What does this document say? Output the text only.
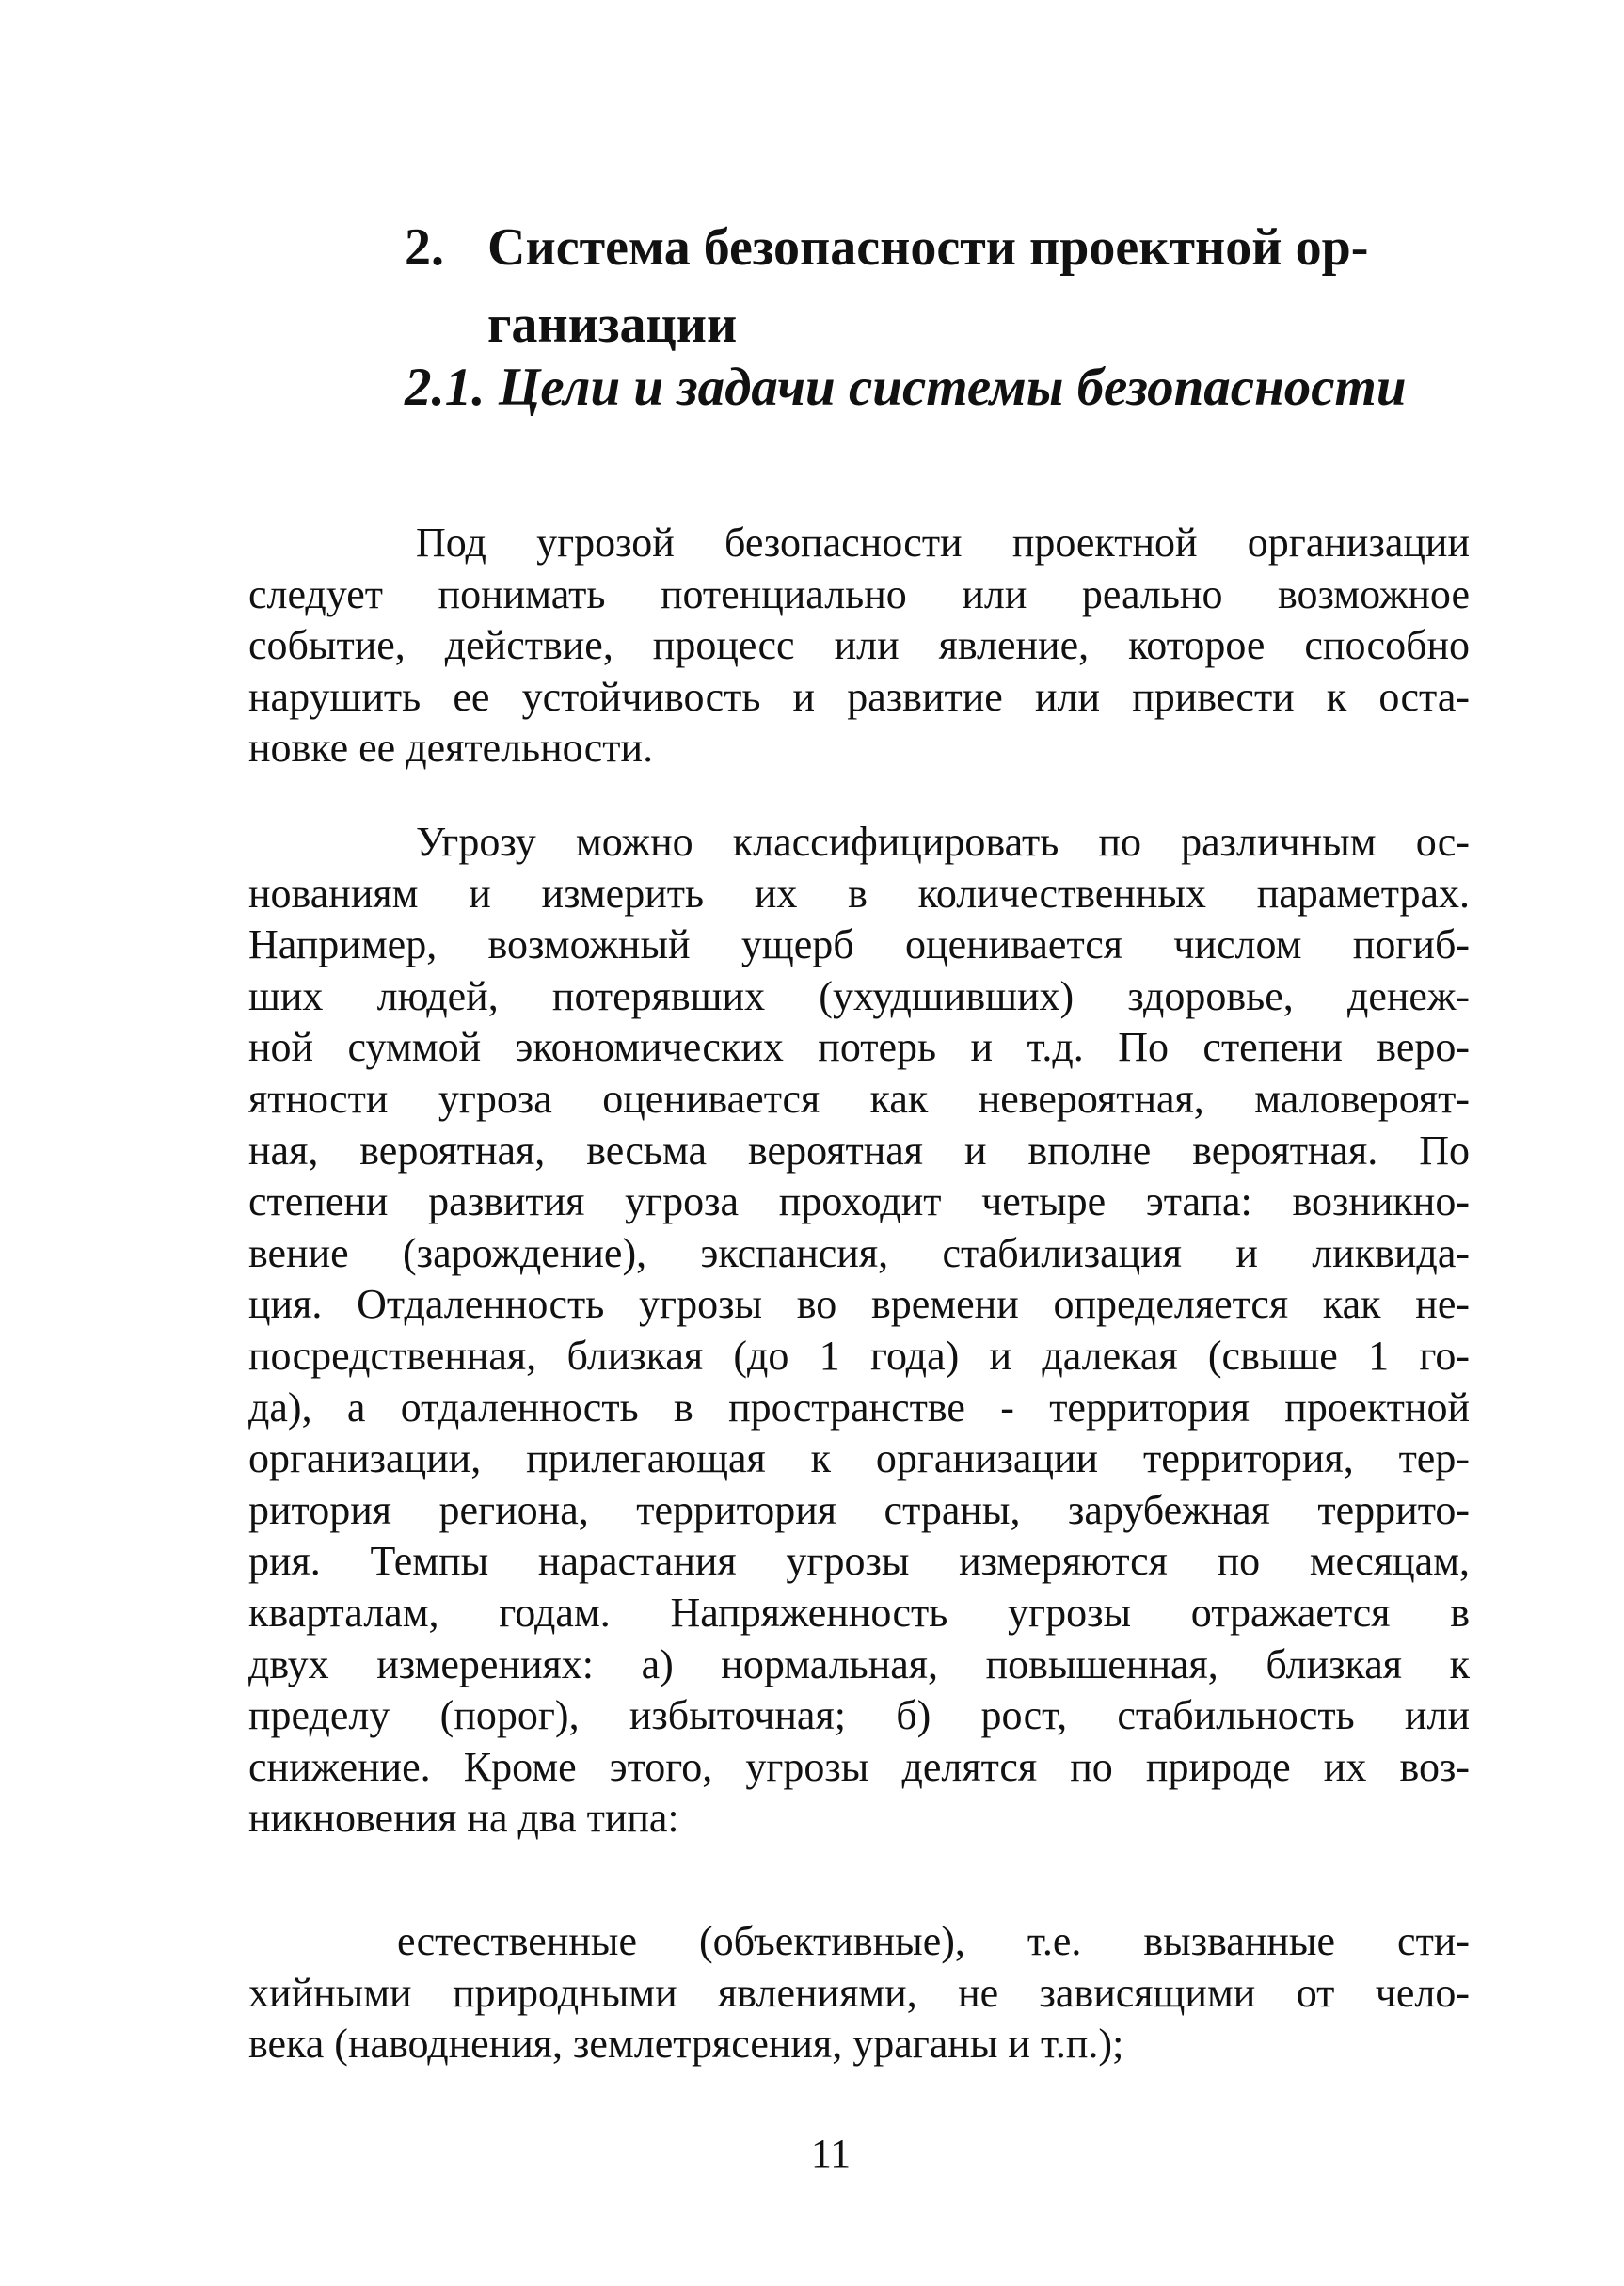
2. Система безопасности проектной ор-
ганизации
2.1. Цели и задачи системы безопасности

Под угрозой безопасности проектной организации
следует понимать потенциально или реально возможное
событие, действие, процесс или явление, которое способно
нарушить ее устойчивость и развитие или привести к оста-
новке ее деятельности.

Угрозу можно классифицировать по различным ос-
нованиям и измерить их в количественных параметрах.
Например, возможный ущерб оценивается числом погиб-
ших людей, потерявших (ухудшивших) здоровье, денеж-
ной суммой экономических потерь и т.д. По степени веро-
ятности угроза оценивается как невероятная, маловероят-
ная, вероятная, весьма вероятная и вполне вероятная. По
степени развития угроза проходит четыре этапа: возникно-
вение (зарождение), экспансия, стабилизация и ликвида-
ция. Отдаленность угрозы во времени определяется как не-
посредственная, близкая (до 1 года) и далекая (свыше 1 го-
да), а отдаленность в пространстве - территория проектной
организации, прилегающая к организации территория, тер-
ритория региона, территория страны, зарубежная террито-
рия. Темпы нарастания угрозы измеряются по месяцам,
кварталам, годам. Напряженность угрозы отражается в
двух измерениях: а) нормальная, повышенная, близкая к
пределу (порог), избыточная; б) рост, стабильность или
снижение. Кроме этого, угрозы делятся по природе их воз-
никновения на два типа:

естественные (объективные), т.е. вызванные сти-
хийными природными явлениями, не зависящими от чело-
века (наводнения, землетрясения, ураганы и т.п.);

11
